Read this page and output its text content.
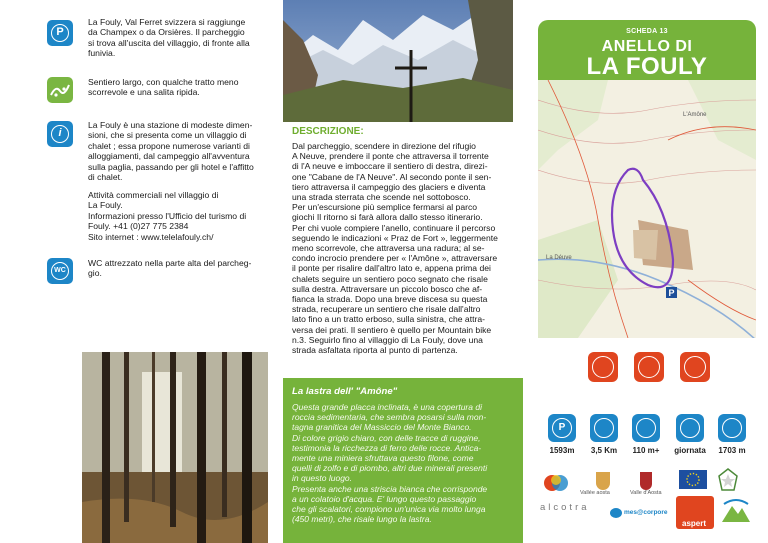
P
La Fouly, Val Ferret svizzera si raggiunge
da Champex o da Orsières. Il parcheggio
si trova all'uscita del villaggio, di fronte alla
funivia.
Sentiero largo, con qualche tratto meno
scorrevole e una salita ripida.
i
La Fouly è una stazione di modeste dimen-
sioni, che si presenta come un villaggio di
chalet ; essa propone numerose varianti di
alloggiamenti, dal campeggio all'avventura
sulla paglia, passando per gli hotel e l'affitto
di chalet.
Attività commerciali nel villaggio di
La Fouly.
Informazioni presso l'Ufficio del turismo di
Fouly. +41 (0)27 775 2384
Sito internet : www.telelafouly.ch/
WC
WC attrezzato nella parte alta del parcheg-
gio.
DESCRIZIONE:
Dal parcheggio, scendere in direzione del rifugio
A Neuve, prendere il ponte che attraversa il torrente
di l'A neuve e imboccare il sentiero di destra, direzi-
one "Cabane de l'A Neuve". Al secondo ponte il sen-
tiero attraversa il campeggio des glaciers e diventa
una strada sterrata che scende nel sottobosco.
Per un'escursione più semplice fermarsi al parco
giochi Il ritorno si farà allora dallo stesso itinerario.
Per chi vuole compiere l'anello, continuare il percorso
seguendo le indicazioni « Praz de Fort », leggermente
meno scorrevole, che attraversa una radura; al se-
condo incrocio prendere per « l'Amône », attraversare
il ponte per risalire dall'altro lato e, appena prima dei
chalets seguire un sentiero poco segnato che risale
sulla destra. Attraversare un piccolo bosco che af-
fianca la strada. Dopo una breve discesa su questa
strada, recuperare un sentiero che risale dall'altro
lato fino a un tratto erboso, sulla sinistra, che attra-
versa dei prati. Il sentiero è quello per Mountain bike
n.3. Seguirlo fino al villaggio di La Fouly, dove una
strada asfaltata riporta al punto di partenza.
La lastra dell' "Amône"
Questa grande placca inclinata, è una copertura di
roccia sedimentaria, che sembra posarsi sulla mon-
tagna granitica del Massiccio del Monte Bianco.
Di colore grigio chiaro, con delle tracce di ruggine,
testimonia la ricchezza di ferro delle rocce. Antica-
mente una miniera sfruttava questo filone, come
quelli di zolfo e di piombo, altri due minerali presenti
in questo luogo.
Presenta anche una striscia bianca che corrisponde
a un colatoio d'acqua. E' lungo questo passaggio
che gli scalatori, compiono un'unica via molto lunga
(450 metri), che risale lungo la lastra.
SCHEDA 13
ANELLO DI
LA FOULY
P
L'Amône
La Déuve
P
1593m	3,5 Km	110 m+	giornata	1703 m
Vallée aosta	Valle d'Aosta
alcotra	mes@corpore
aspert
